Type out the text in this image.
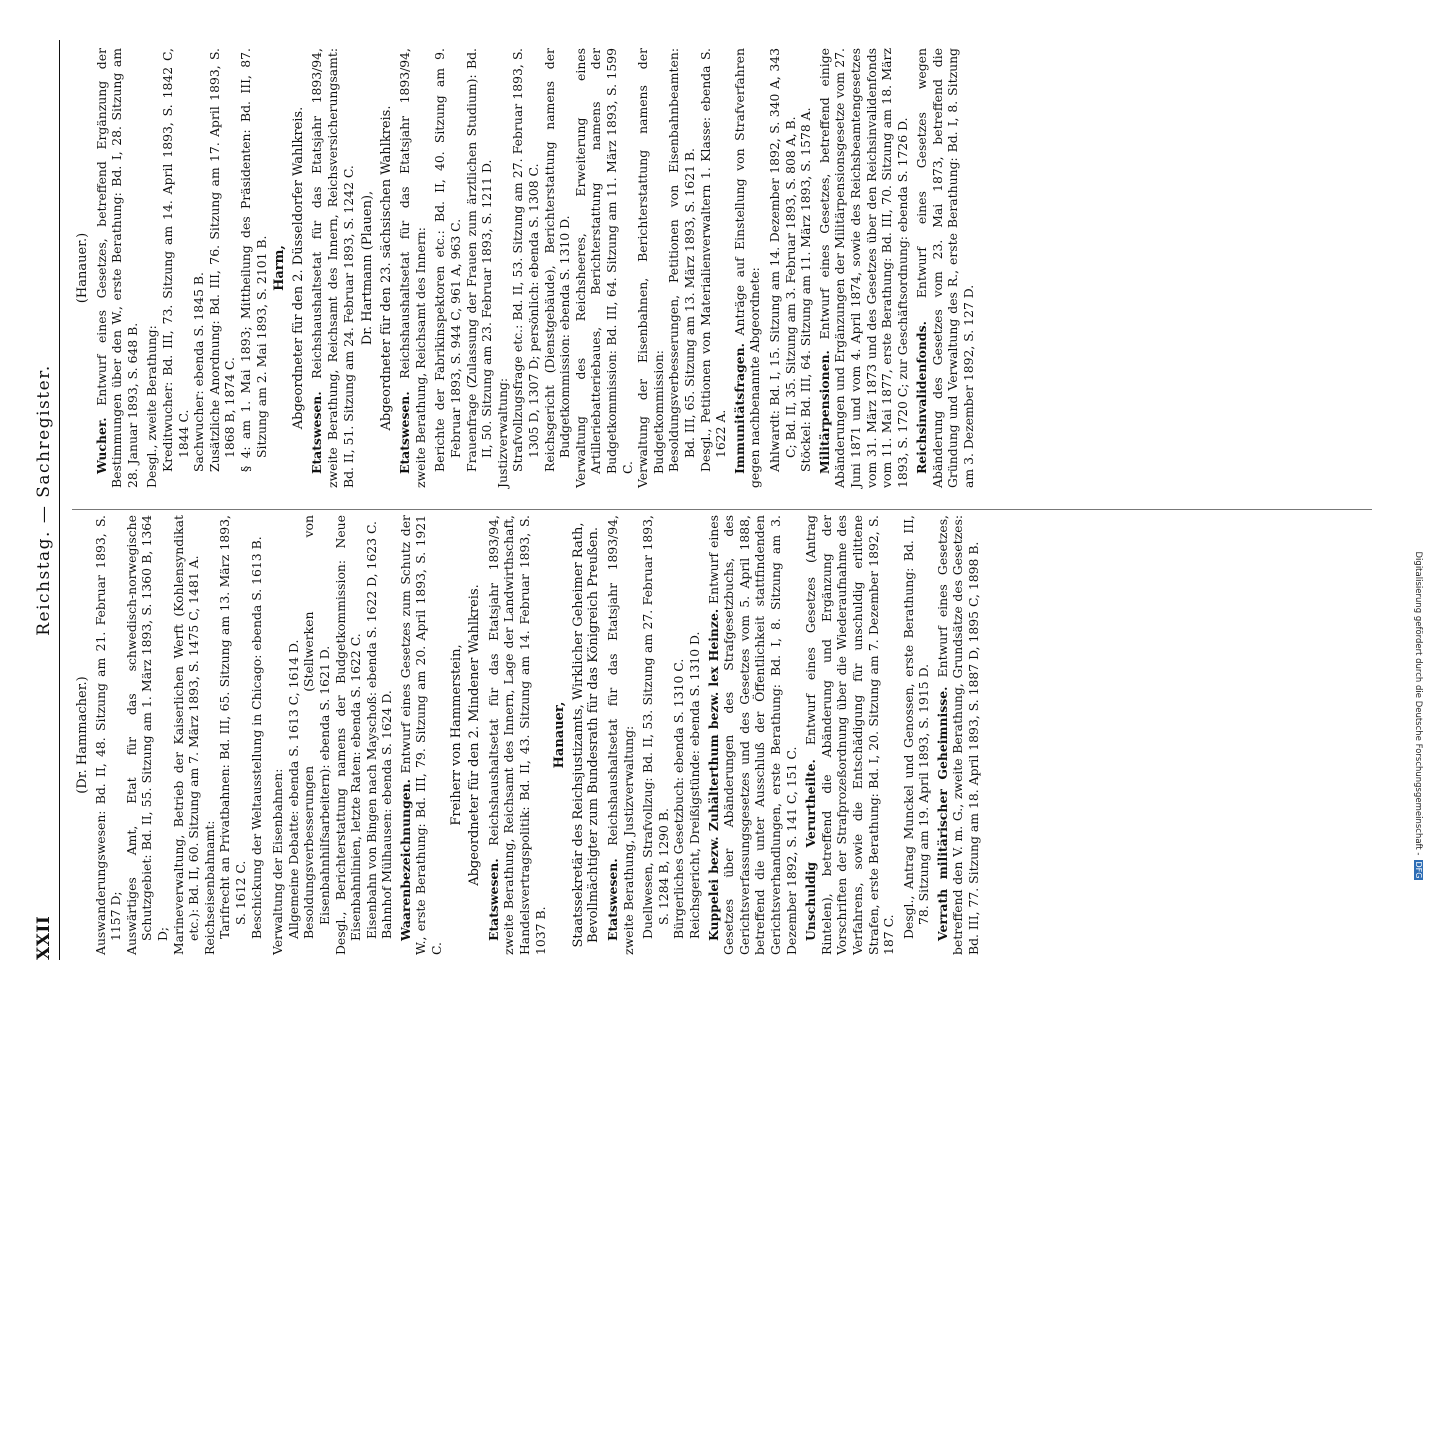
XXII
Reichstag. — Sachregister.
(Dr. Hammacher.) Auswanderungswesen: Bd. II, 48. Sitzung am 21. Februar 1893, S. 1157 D; Auswärtiges Amt, Etat für das schwedisch-norwegische Schutzgebiet: Bd. II, 55. Sitzung am 1. März 1893, S. 1360 B, 1364 D; Marineverwaltung, Betrieb der Kaiserlichen Werft (Kohlensyndikat etc.): Bd. II, 60. Sitzung am 7. März 1893, S. 1475 C, 1481 A. Reichseisenbahnamt: Tarifrecht an Privatbahnen: Bd. III, 65. Sitzung am 13. März 1893, S. 1612 C. Beschickung der Weltausstellung in Chicago: ebenda S. 1613 B. Verwaltung der Eisenbahnen: Allgemeine Debatte: ebenda S. 1613 C, 1614 D. Besoldungsverbesserungen (Stellwerken von Eisenbahnhilfsarbeitern): ebenda S. 1621 D. Desgl., Berichterstattung namens der Budgetkommission: Neue Eisenbahnlinien, letzte Raten: ebenda S. 1622 C. Eisenbahn von Bingen nach Mayschoß: ebenda S. 1622 D, 1623 C. Bahnhof Mülhausen: ebenda S. 1624 D. Waarenbezeichnungen. Entwurf eines Gesetzes zum Schutz der W., erste Berathung: Bd. III, 79. Sitzung am 20. April 1893, S. 1921 C.
Freiherr von Hammerstein, Abgeordneter für den 2. Mindener Wahlkreis.
Etatswesen. Reichshaushaltsetat für das Etatsjahr 1893/94, zweite Berathung, Reichsamt des Innern, Lage der Landwirthschaft, Handelsvertragspolitik: Bd. II, 43. Sitzung am 14. Februar 1893, S. 1037 B.
Hanauer, Staatssekretär des Reichsjustizamts, Wirklicher Geheimer Rath, Bevollmächtigter zum Bundesrath für das Königreich Preußen. Etatswesen. Reichshaushaltsetat für das Etatsjahr 1893/94, zweite Berathung, Justizverwaltung: Duellwesen, Strafvollzug: Bd. II, 53. Sitzung am 27. Februar 1893, S. 1284 B, 1290 B. Bürgerliches Gesetzbuch: ebenda S. 1310 C. Reichsgericht, Dreißigstünde: ebenda S. 1310 D. Kuppelei bezw. Zuhälterthum bezw. lex Heinze. Entwurf eines Gesetzes über Abänderungen des Strafgesetzbuchs, des Gerichtsverfassungsgesetzes und des Gesetzes vom 5. April 1888, betreffend die unter Ausschluß der Öffentlichkeit stattfindenden Gerichtsverhandlungen, erste Berathung: Bd. I, 8. Sitzung am 3. Dezember 1892, S. 141 C, 151 C. Unschuldig Verurtheilte. Entwurf eines Gesetzes (Antrag Rintelen), betreffend die Abänderung und Ergänzung der Vorschriften der Strafprozeßordnung über die Wiederaufnahme des Verfahrens, sowie die Entschädigung für unschuldig erlittene Strafen, erste Berathung: Bd. I, 20. Sitzung am 7. Dezember 1892, S. 187 C. Desgl., Antrag Munckel und Genossen, erste Berathung: Bd. III, 78. Sitzung am 19. April 1893, S. 1915 D. Verrath militärischer Geheimnisse. Entwurf eines Gesetzes, betreffend den V. m. G., zweite Berathung, Grundsätze des Gesetzes: Bd. III, 77. Sitzung am 18. April 1893, S. 1887 D, 1895 C, 1898 B.
(Hanauer.)
Wucher. Entwurf eines Gesetzes, betreffend Ergänzung der Bestimmungen über den W., erste Berathung: Bd. I, 28. Sitzung am 28. Januar 1893, S. 648 B. Desgl., zweite Berathung: Kreditwucher: Bd. III, 73. Sitzung am 14. April 1893, S. 1842 C, 1844 C. Sachwucher: ebenda S. 1845 B. Zusätzliche Anordnung: Bd. III, 76. Sitzung am 17. April 1893, S. 1868 B, 1874 C. § 4: am 1. Mai 1893; Mittheilung des Präsidenten: Bd. III, 87. Sitzung am 2. Mai 1893, S. 2101 B. Harm, Abgeordneter für den 2. Düsseldorfer Wahlkreis.
Etatswesen. Reichshaushaltsetat für das Etatsjahr 1893/94, zweite Berathung, Reichsamt des Innern, Reichsversicherungsamt: Bd. II, 51. Sitzung am 24. Februar 1893, S. 1242 C. Dr. Hartmann (Plauen), Abgeordneter für den 23. sächsischen Wahlkreis.
Etatswesen. Reichshaushaltsetat für das Etatsjahr 1893/94, zweite Berathung, Reichsamt des Innern: Berichte der Fabrikinspektoren etc.: Bd. II, 40. Sitzung am 9. Februar 1893, S. 944 C, 961 A, 963 C. Frauenfrage (Zulassung der Frauen zum ärztlichen Studium): Bd. II, 50. Sitzung am 23. Februar 1893, S. 1211 D. Justizverwaltung: Strafvollzugsfrage etc.: Bd. II, 53. Sitzung am 27. Februar 1893, S. 1305 D, 1307 D; persönlich: ebenda S. 1308 C. Reichsgericht (Dienstgebäude), Berichterstattung namens der Budgetkommission: ebenda S. 1310 D. Verwaltung des Reichsheeres, Erweiterung eines Artilleriebatteriebaues, Berichterstattung namens der Budgetkommission: Bd. III, 64. Sitzung am 11. März 1893, S. 1599 C. Verwaltung der Eisenbahnen, Berichterstattung namens der Budgetkommission: Besoldungsverbesserungen, Petitionen von Eisenbahnbeamten: Bd. III, 65. Sitzung am 13. März 1893, S. 1621 B. Desgl., Petitionen von Materialienverwaltern 1. Klasse: ebenda S. 1622 A. Immunitätsfragen. Anträge auf Einstellung von Strafverfahren gegen nachbenannte Abgeordnete: Ahlwardt: Bd. I, 15. Sitzung am 14. Dezember 1892, S. 340 A, 343 C; Bd. II, 35. Sitzung am 3. Februar 1893, S. 808 A, B. Stöckel: Bd. III, 64. Sitzung am 11. März 1893, S. 1578 A. Militärpensionen. Entwurf eines Gesetzes, betreffend einige Abänderungen und Ergänzungen der Militärpensionsgesetze vom 27. Juni 1871 und vom 4. April 1874, sowie des Reichsbeamtengesetzes vom 31. März 1873 und des Gesetzes über den Reichsinvalidenfonds vom 11. Mai 1877, erste Berathung: Bd. III, 70. Sitzung am 18. März 1893, S. 1720 C; zur Geschäftsordnung: ebenda S. 1726 D. Reichsinvalidenfonds. Entwurf eines Gesetzes wegen Abänderung des Gesetzes vom 23. Mai 1873, betreffend die Gründung und Verwaltung des R., erste Berathung: Bd. I, 8. Sitzung am 3. Dezember 1892, S. 127 D.
Digitalisierung gefördert durch die Deutsche Forschungsgemeinschaft -DFG
